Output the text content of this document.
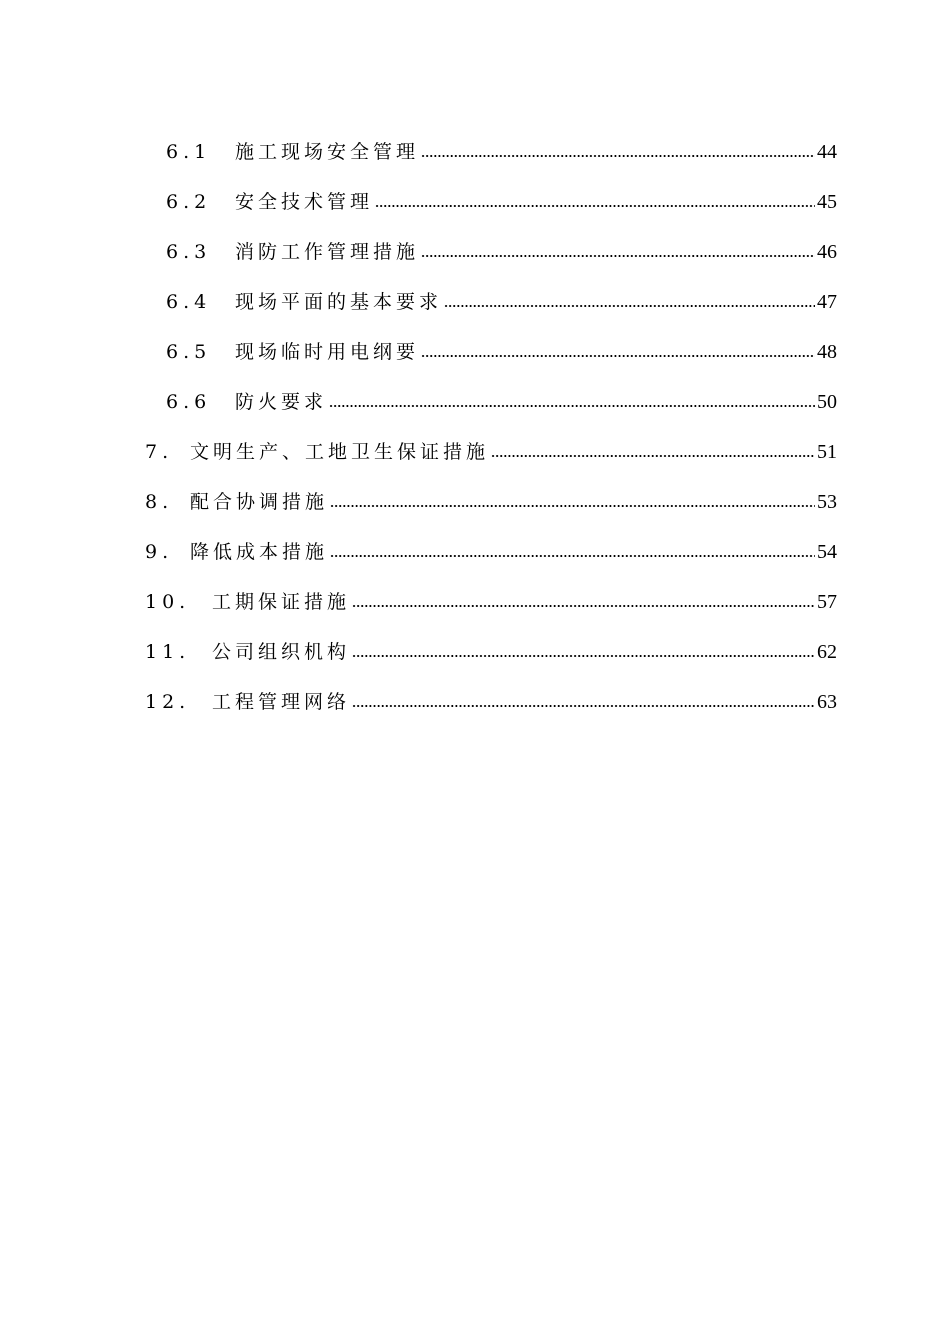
6.1	施工现场安全管理	44
6.2	安全技术管理	45
6.3	消防工作管理措施	46
6.4	现场平面的基本要求	47
6.5	现场临时用电纲要	48
6.6	防火要求	50
7. 文明生产、工地卫生保证措施	51
8. 配合协调措施	53
9. 降低成本措施	54
10.	工期保证措施	57
11.	公司组织机构	62
12.	工程管理网络	63
